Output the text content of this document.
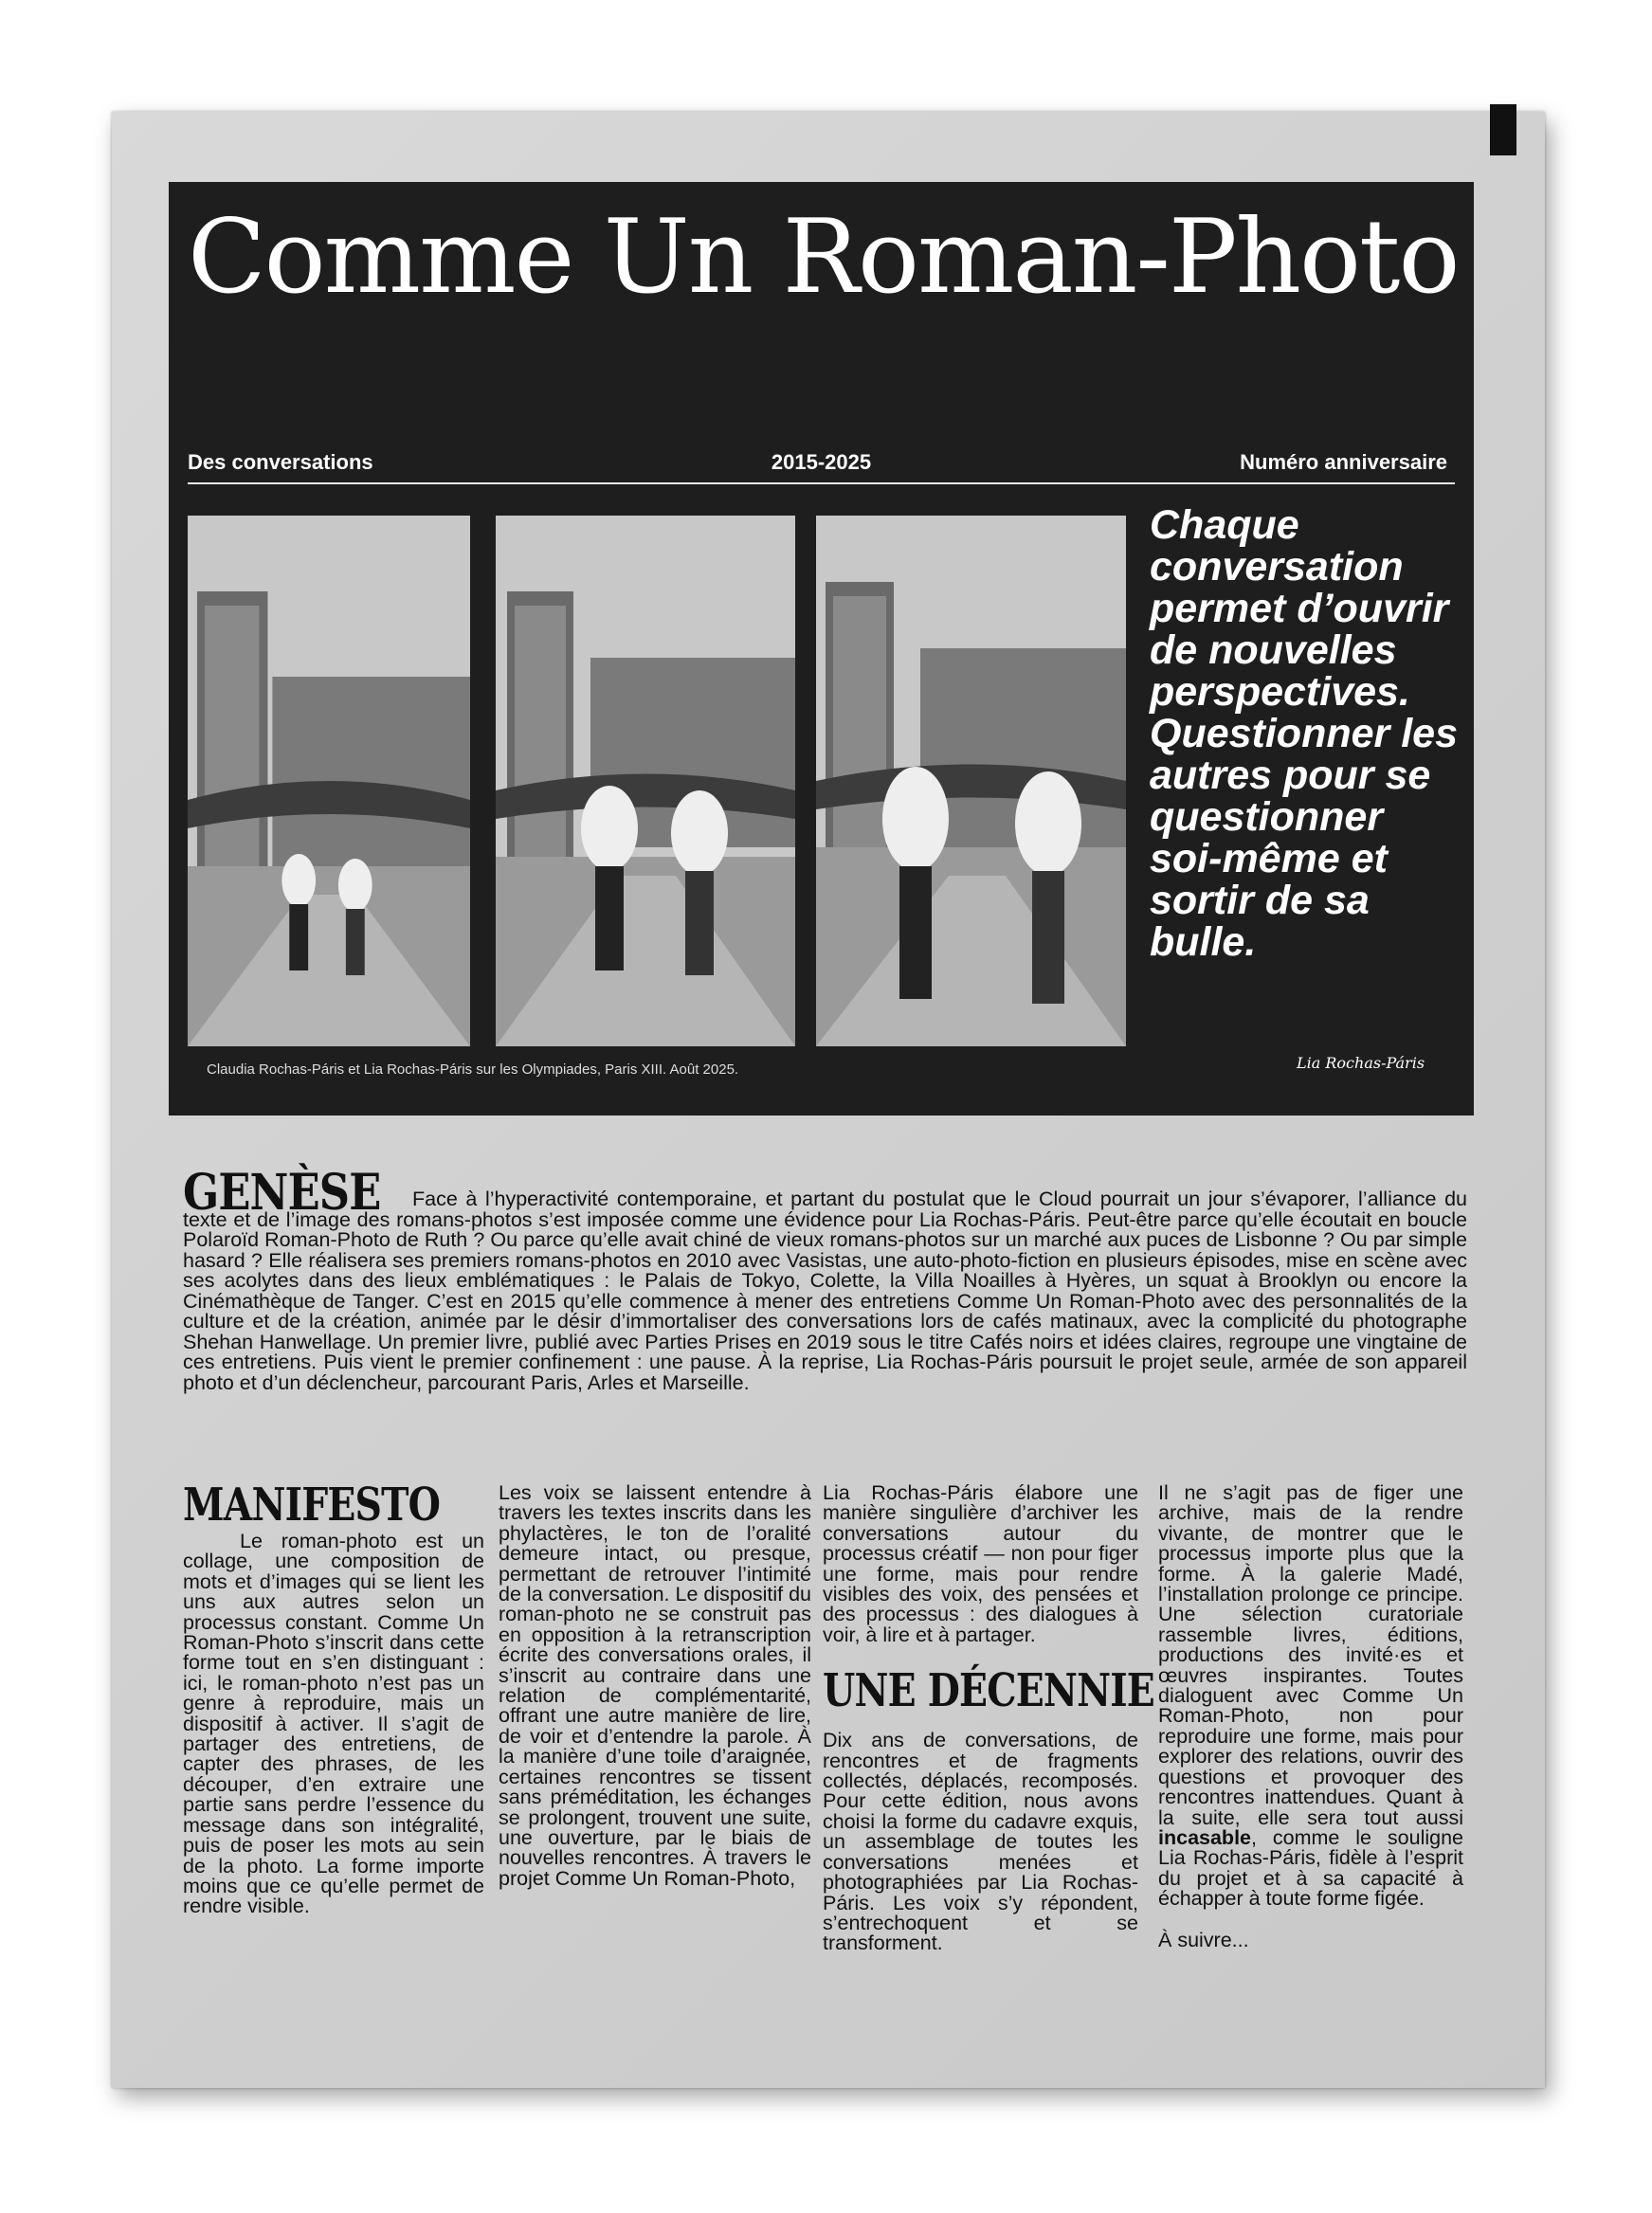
Comme Un Roman-Photo
Des conversations	2015-2025	Numéro anniversaire
Claudia Rochas-Páris et Lia Rochas-Páris sur les Olympiades, Paris XIII. Août 2025.
Chaque conversation permet d’ouvrir de nouvelles perspectives. Questionner les autres pour se questionner soi-même et sortir de sa bulle.
Lia Rochas-Páris
GENÈSE	Face à l’hyperactivité contemporaine, et partant du postulat que le Cloud pourrait un jour s’évaporer, l’alliance du texte et de l’image des romans-photos s’est imposée comme une évidence pour Lia Rochas-Páris. Peut-être parce qu’elle écoutait en boucle Polaroïd Roman-Photo de Ruth ? Ou parce qu’elle avait chiné de vieux romans-photos sur un marché aux puces de Lisbonne ? Ou par simple hasard ? Elle réalisera ses premiers romans-photos en 2010 avec Vasistas, une auto-photo-fiction en plusieurs épisodes, mise en scène avec ses acolytes dans des lieux emblématiques : le Palais de Tokyo, Colette, la Villa Noailles à Hyères, un squat à Brooklyn ou encore la Cinémathèque de Tanger. C’est en 2015 qu’elle commence à mener des entretiens Comme Un Roman-Photo avec des personnalités de la culture et de la création, animée par le désir d’immortaliser des conversations lors de cafés matinaux, avec la complicité du photographe Shehan Hanwellage. Un premier livre, publié avec Parties Prises en 2019 sous le titre Cafés noirs et idées claires, regroupe une vingtaine de ces entretiens. Puis vient le premier confinement : une pause. À la reprise, Lia Rochas-Páris poursuit le projet seule, armée de son appareil photo et d’un déclencheur, parcourant Paris, Arles et Marseille.
MANIFESTO

Le roman-photo est un collage, une composition de mots et d’images qui se lient les uns aux autres selon un processus constant. Comme Un Roman-Photo s’inscrit dans cette forme tout en s’en distinguant : ici, le roman-photo n’est pas un genre à reproduire, mais un dispositif à activer. Il s’agit de partager des entretiens, de capter des phrases, de les découper, d’en extraire une partie sans perdre l’essence du message dans son intégralité, puis de poser les mots au sein de la photo. La forme importe moins que ce qu’elle permet de rendre visible.

Les voix se laissent entendre à travers les textes inscrits dans les phylactères, le ton de l’oralité demeure intact, ou presque, permettant de retrouver l’intimité de la conversation. Le dispositif du roman-photo ne se construit pas en opposition à la retranscription écrite des conversations orales, il s’inscrit au contraire dans une relation de complémentarité, offrant une autre manière de lire, de voir et d’entendre la parole. À la manière d’une toile d’araignée, certaines rencontres se tissent sans préméditation, les échanges se prolongent, trouvent une suite, une ouverture, par le biais de nouvelles rencontres. À travers le projet Comme Un Roman-Photo,

Lia Rochas-Páris élabore une manière singulière d’archiver les conversations autour du processus créatif — non pour figer une forme, mais pour rendre visibles des voix, des pensées et des processus : des dialogues à voir, à lire et à partager.

UNE DÉCENNIE

Dix ans de conversations, de rencontres et de fragments collectés, déplacés, recomposés. Pour cette édition, nous avons choisi la forme du cadavre exquis, un assemblage de toutes les conversations menées et photographiées par Lia Rochas-Páris. Les voix s’y répondent, s’entrechoquent et se transforment.

Il ne s’agit pas de figer une archive, mais de la rendre vivante, de montrer que le processus importe plus que la forme. À la galerie Madé, l’installation prolonge ce principe. Une sélection curatoriale rassemble livres, éditions, productions des invité·es et œuvres inspirantes. Toutes dialoguent avec Comme Un Roman-Photo, non pour reproduire une forme, mais pour explorer des relations, ouvrir des questions et provoquer des rencontres inattendues. Quant à la suite, elle sera tout aussi incasable, comme le souligne Lia Rochas-Páris, fidèle à l’esprit du projet et à sa capacité à échapper à toute forme figée.

À suivre...
